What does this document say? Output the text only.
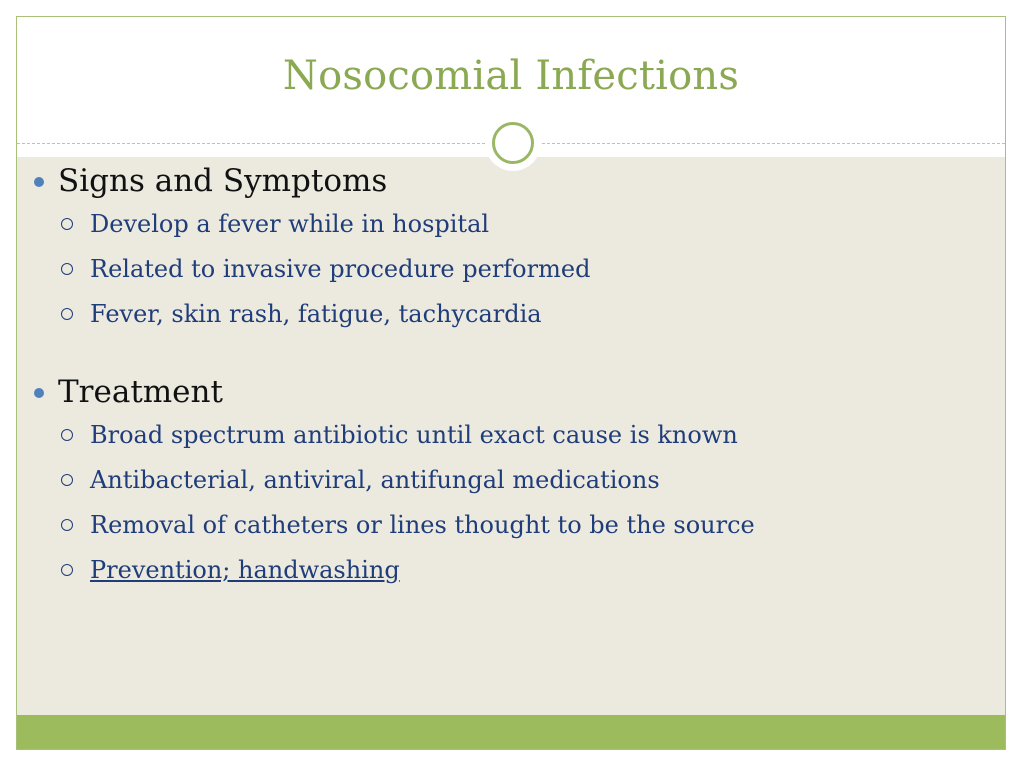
Nosocomial Infections
Signs and Symptoms
Develop a fever while in hospital
Related to invasive procedure performed
Fever, skin rash, fatigue, tachycardia
Treatment
Broad spectrum antibiotic until exact cause is known
Antibacterial, antiviral, antifungal medications
Removal of catheters or lines thought to be the source
Prevention; handwashing
